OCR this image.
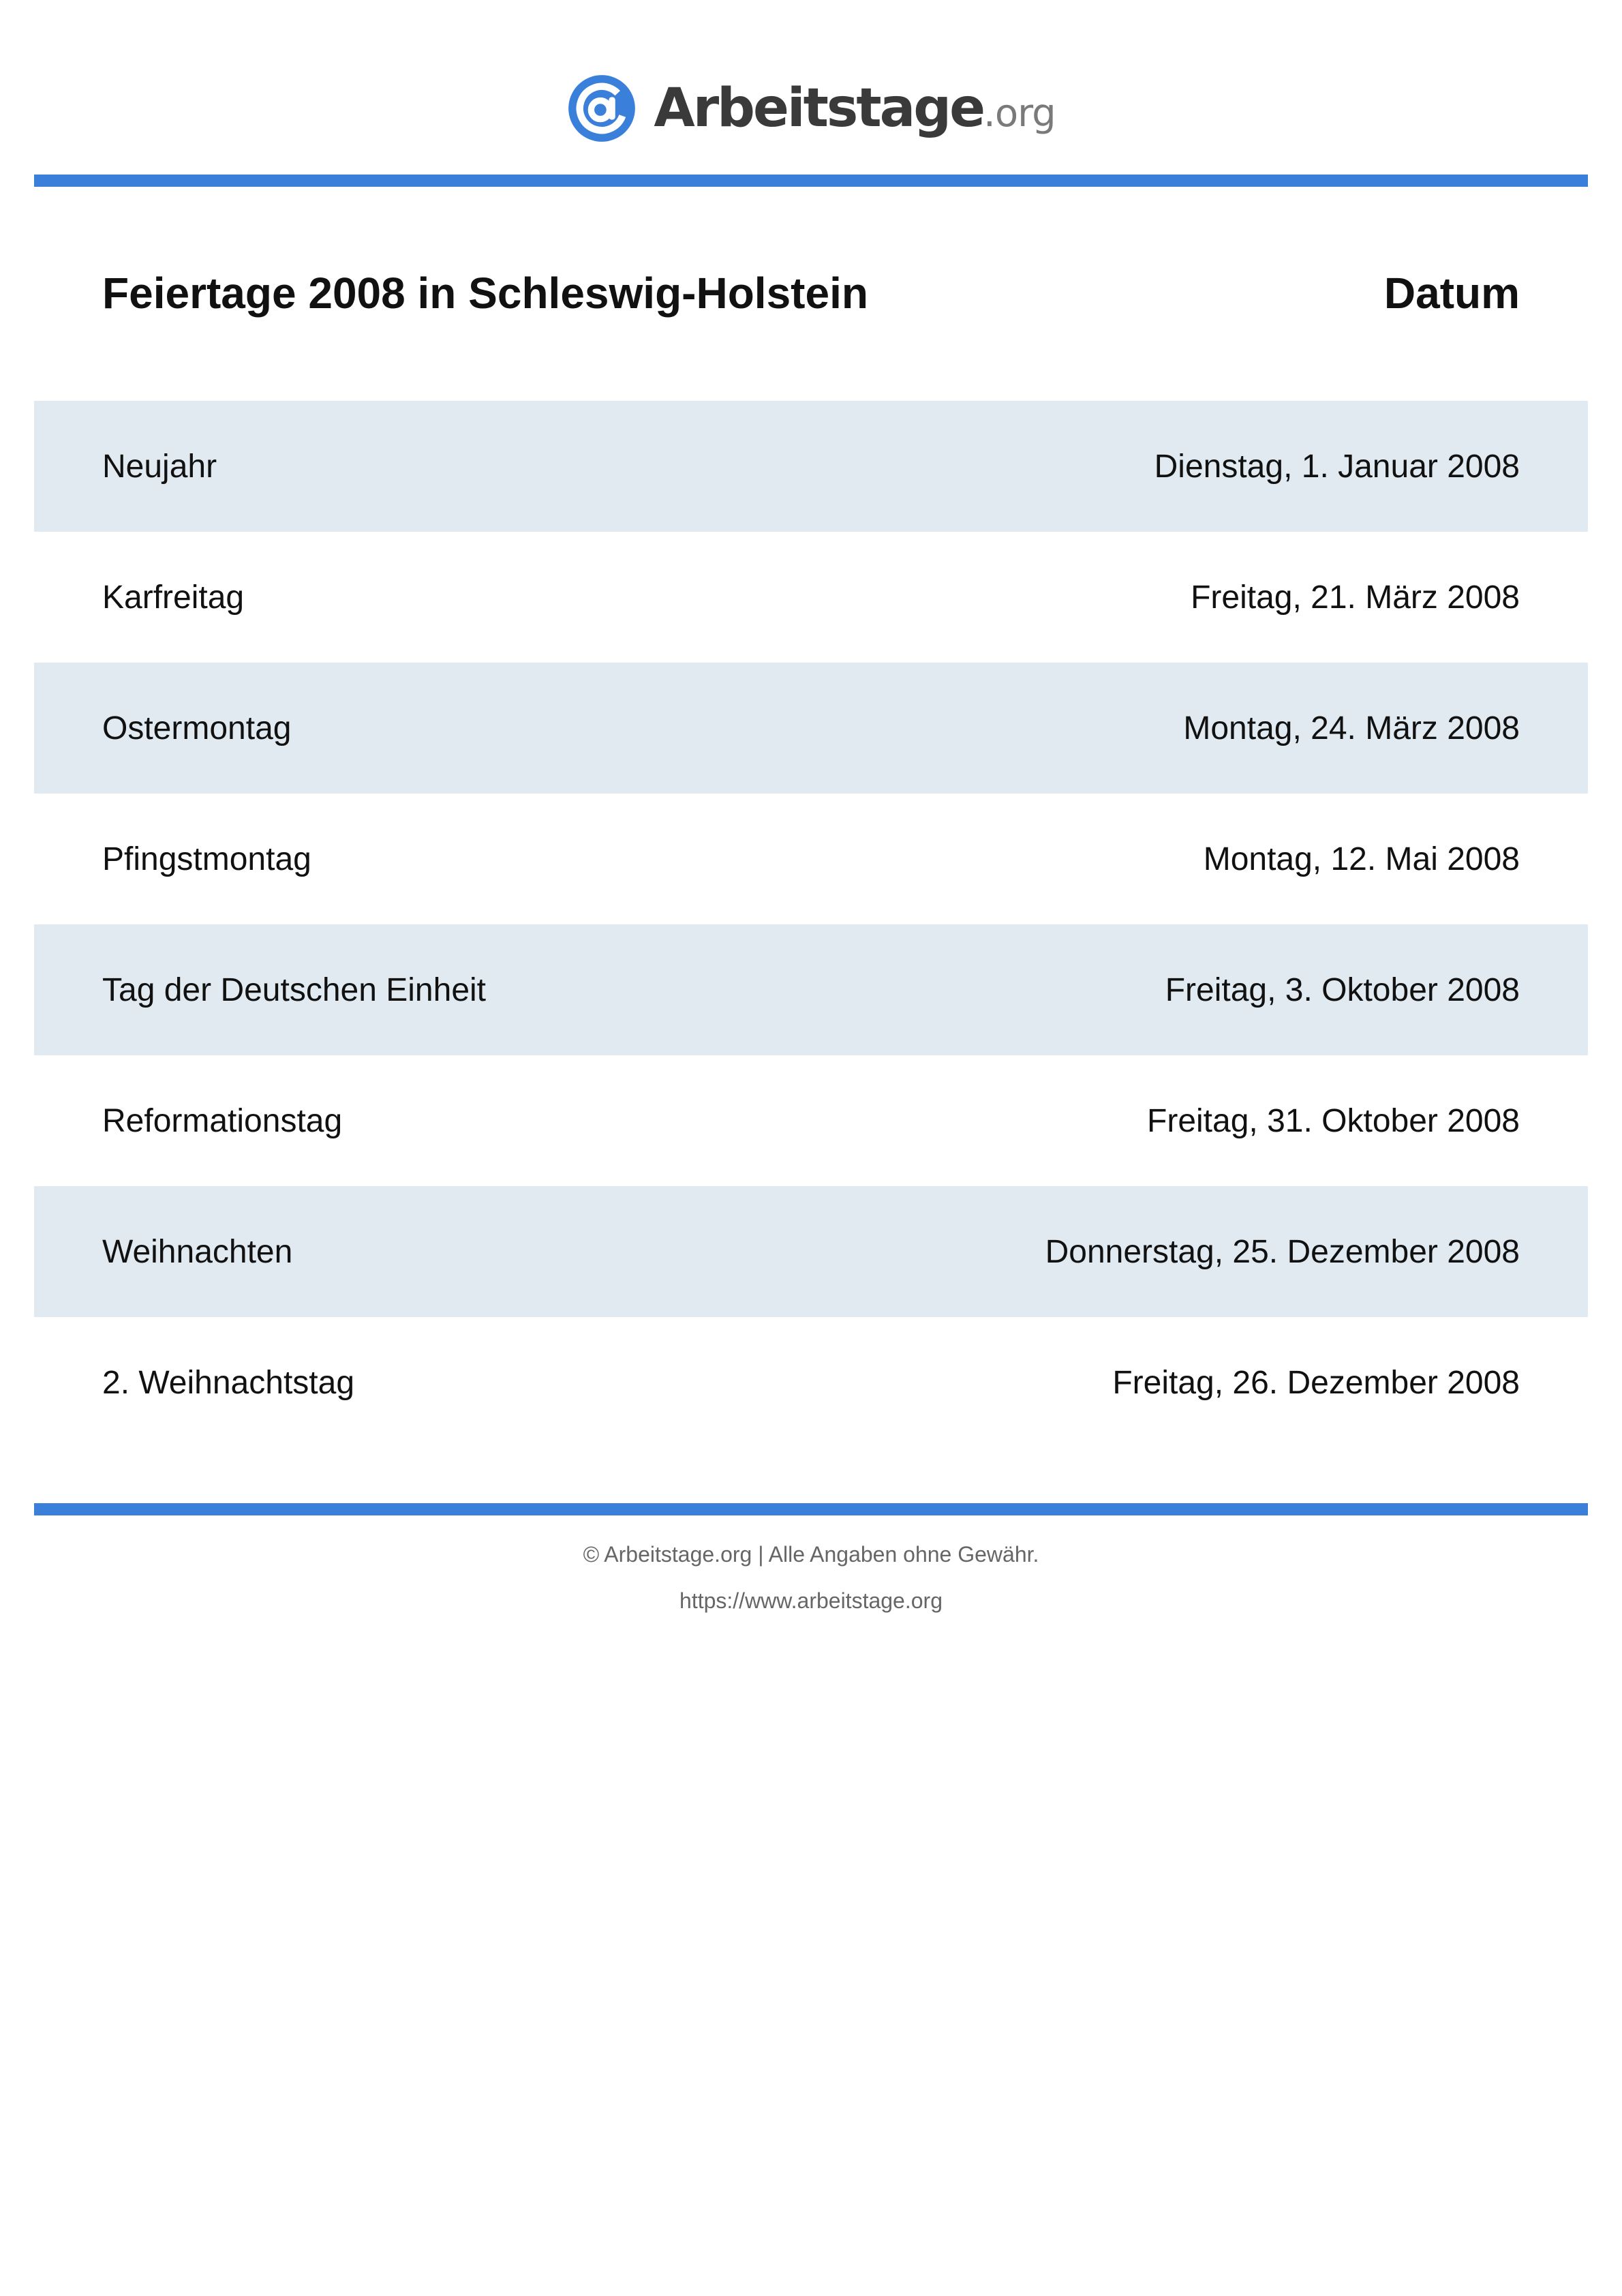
Arbeitstage.org
Feiertage 2008 in Schleswig-Holstein	Datum
Neujahr	Dienstag, 1. Januar 2008
Karfreitag	Freitag, 21. März 2008
Ostermontag	Montag, 24. März 2008
Pfingstmontag	Montag, 12. Mai 2008
Tag der Deutschen Einheit	Freitag, 3. Oktober 2008
Reformationstag	Freitag, 31. Oktober 2008
Weihnachten	Donnerstag, 25. Dezember 2008
2. Weihnachtstag	Freitag, 26. Dezember 2008
© Arbeitstage.org | Alle Angaben ohne Gewähr.
https://www.arbeitstage.org
